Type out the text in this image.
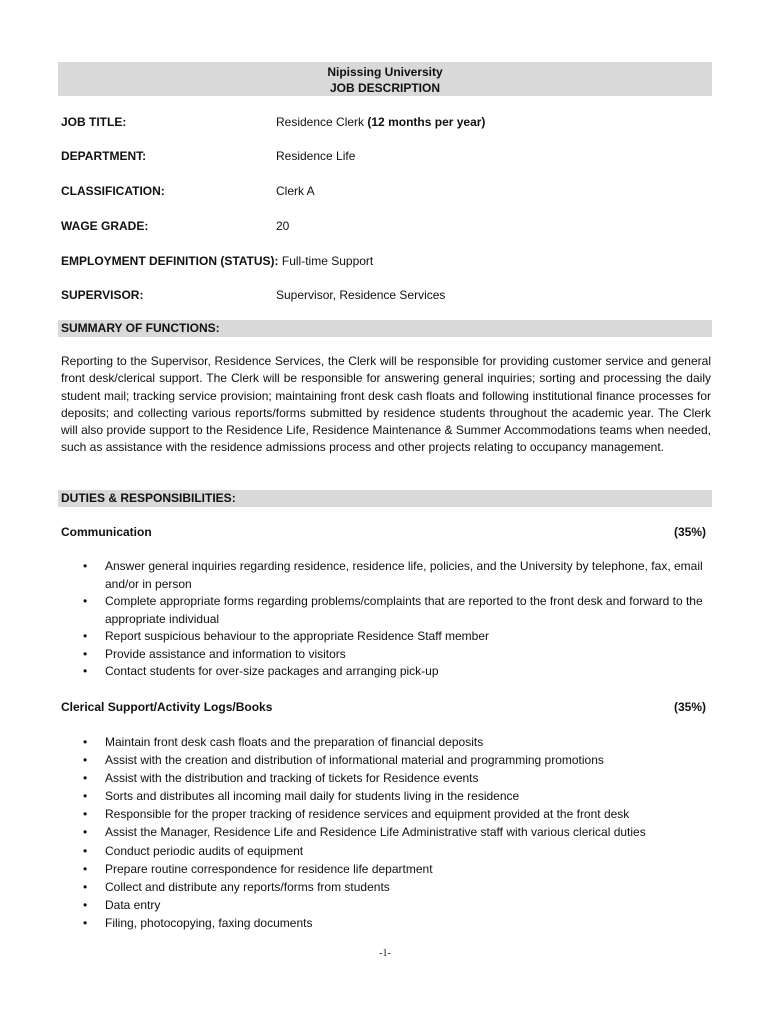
Nipissing University
JOB DESCRIPTION
JOB TITLE:	Residence Clerk (12 months per year)
DEPARTMENT:	Residence Life
CLASSIFICATION:	Clerk A
WAGE GRADE:	20
EMPLOYMENT DEFINITION (STATUS): Full-time Support
SUPERVISOR:	Supervisor, Residence Services
SUMMARY OF FUNCTIONS:
Reporting to the Supervisor, Residence Services, the Clerk will be responsible for providing customer service and general front desk/clerical support. The Clerk will be responsible for answering general inquiries; sorting and processing the daily student mail; tracking service provision; maintaining front desk cash floats and following institutional finance processes for deposits; and collecting various reports/forms submitted by residence students throughout the academic year. The Clerk will also provide support to the Residence Life, Residence Maintenance & Summer Accommodations teams when needed, such as assistance with the residence admissions process and other projects relating to occupancy management.
DUTIES & RESPONSIBILITIES:
Communication	(35%)
• Answer general inquiries regarding residence, residence life, policies, and the University by telephone, fax, email and/or in person
• Complete appropriate forms regarding problems/complaints that are reported to the front desk and forward to the appropriate individual
• Report suspicious behaviour to the appropriate Residence Staff member
• Provide assistance and information to visitors
• Contact students for over-size packages and arranging pick-up
Clerical Support/Activity Logs/Books	(35%)
• Maintain front desk cash floats and the preparation of financial deposits
• Assist with the creation and distribution of informational material and programming promotions
• Assist with the distribution and tracking of tickets for Residence events
• Sorts and distributes all incoming mail daily for students living in the residence
• Responsible for the proper tracking of residence services and equipment provided at the front desk
• Assist the Manager, Residence Life and Residence Life Administrative staff with various clerical duties
• Conduct periodic audits of equipment
• Prepare routine correspondence for residence life department
• Collect and distribute any reports/forms from students
• Data entry
• Filing, photocopying, faxing documents
-1-
